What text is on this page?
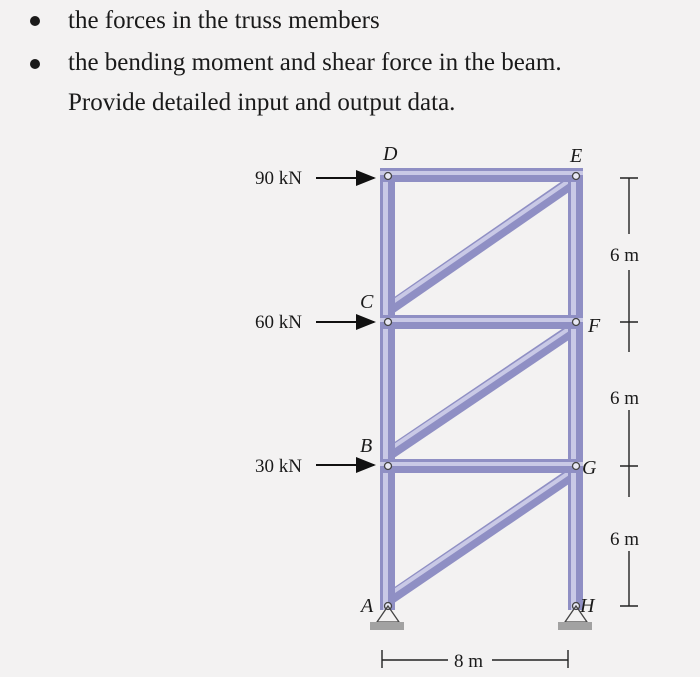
the forces in the truss members
the bending moment and shear force in the beam.
Provide detailed input and output data.
90 kN
60 kN
30 kN
D	E
C
F
B
G
A	H
6 m
6 m
6 m
8 m
